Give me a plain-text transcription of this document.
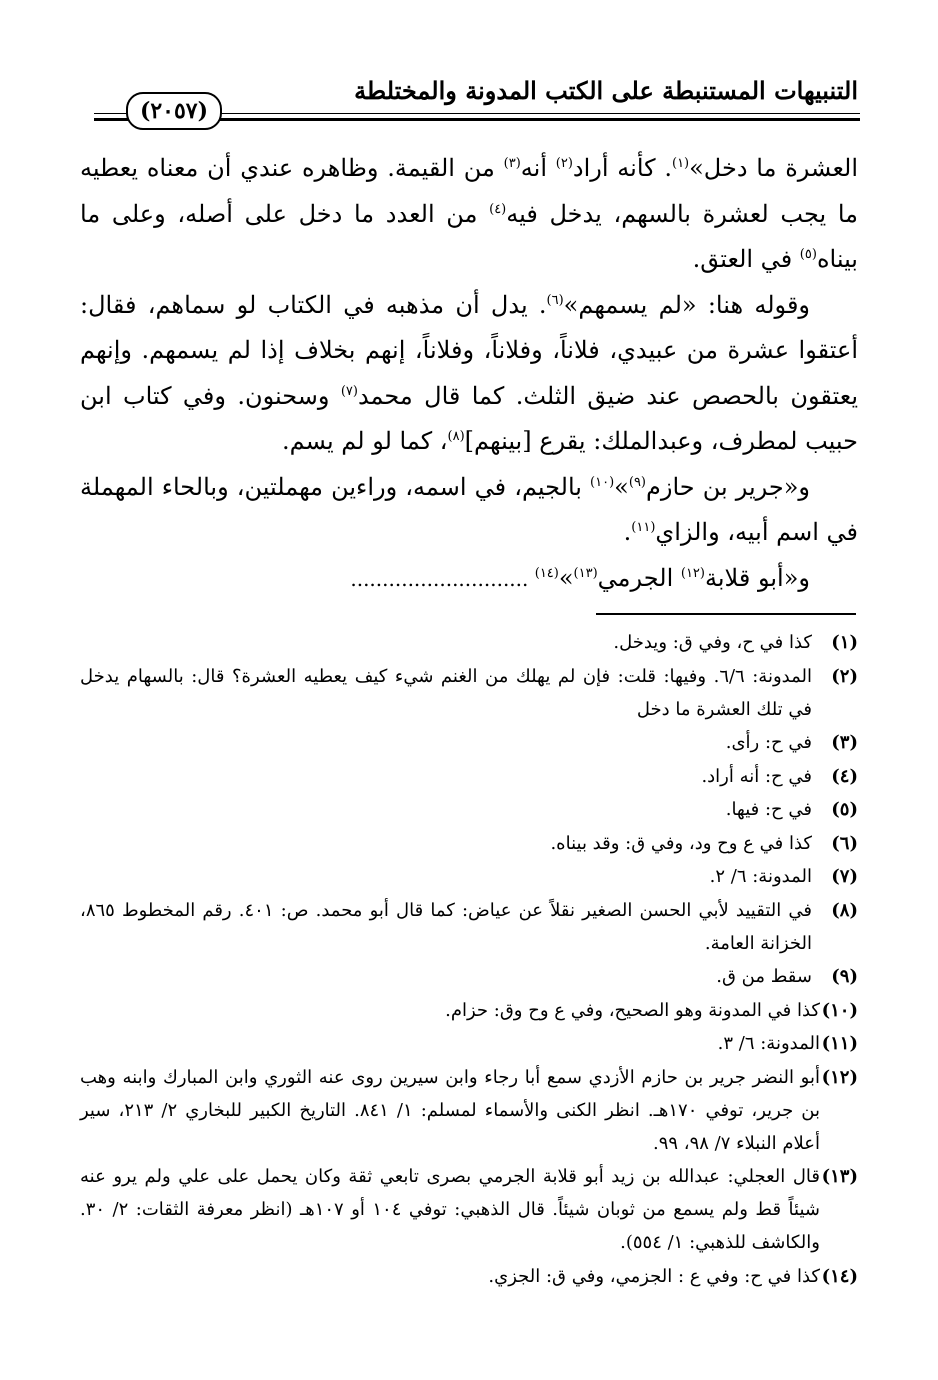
التنبيهات المستنبطة على الكتب المدونة والمختلطة
(٢٠٥٧)

العشرة ما دخل»$^{(١)}$. كأنه أراد$^{(٢)}$ أنه$^{(٣)}$ من القيمة. وظاهره عندي أن معناه يعطيه ما يجب لعشرة بالسهم، يدخل فيه$^{(٤)}$ من العدد ما دخل على أصله، وعلى ما بيناه$^{(٥)}$ في العتق.

وقوله هنا: «لم يسمهم»$^{(٦)}$. يدل أن مذهبه في الكتاب لو سماهم، فقال: أعتقوا عشرة من عبيدي، فلاناً، وفلاناً، وفلاناً، إنهم بخلاف إذا لم يسمهم. وإنهم يعتقون بالحصص عند ضيق الثلث. كما قال محمد$^{(٧)}$ وسحنون. وفي كتاب ابن حبيب لمطرف، وعبدالملك: يقرع [بينهم]$^{(٨)}$، كما لو لم يسم.

و«جرير بن حازم$^{(٩)}$»$^{(١٠)}$ بالجيم، في اسمه، وراءين مهملتين، وبالحاء المهملة في اسم أبيه، والزاي$^{(١١)}$.

و«أبو قلابة$^{(١٢)}$ الجرمي$^{(١٣)}$»$^{(١٤)}$ ............................

(١)
كذا في ح، وفي ق: ويدخل.
(٢)
المدونة: ٦/٦. وفيها: قلت: فإن لم يهلك من الغنم شيء كيف يعطيه العشرة؟ قال: بالسهام يدخل في تلك العشرة ما دخل
(٣)
في ح: رأى.
(٤)
في ح: أنه أراد.
(٥)
في ح: فيها.
(٦)
كذا في ع وح ود، وفي ق: وقد بيناه.
(٧)
المدونة: ٦/ ٢.
(٨)
في التقييد لأبي الحسن الصغير نقلاً عن عياض: كما قال أبو محمد. ص: ٤٠١. رقم المخطوط ٨٦٥، الخزانة العامة.
(٩)
سقط من ق.
(١٠)
كذا في المدونة وهو الصحيح، وفي ع وح وق: حزام.
(١١)
المدونة: ٦/ ٣.
(١٢)
أبو النضر جرير بن حازم الأزدي سمع أبا رجاء وابن سيرين روى عنه الثوري وابن المبارك وابنه وهب بن جرير، توفي ١٧٠هـ. انظر الكنى والأسماء لمسلم: ١/ ٨٤١. التاريخ الكبير للبخاري ٢/ ٢١٣، سير أعلام النبلاء ٧/ ٩٨، ٩٩.
(١٣)
قال العجلي: عبدالله بن زيد أبو قلابة الجرمي بصرى تابعي ثقة وكان يحمل على علي ولم يرو عنه شيئاً قط ولم يسمع من ثوبان شيئاً. قال الذهبي: توفي ١٠٤ أو ١٠٧هـ (انظر معرفة الثقات: ٢/ ٣٠. والكاشف للذهبي: ١/ ٥٥٤).
(١٤)
كذا في ح: وفي ع : الجزمي، وفي ق: الجزي.
